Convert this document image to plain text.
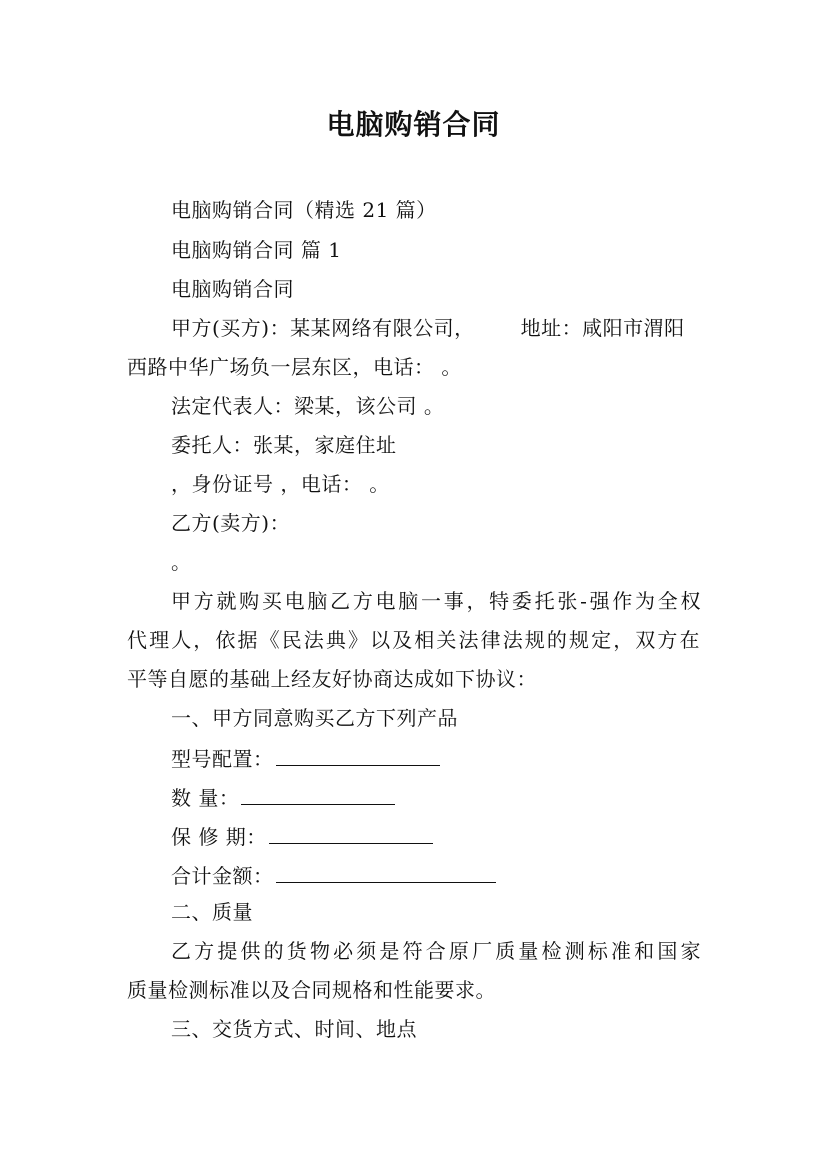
电脑购销合同
电脑购销合同（精选 21 篇）
电脑购销合同 篇 1
电脑购销合同
甲方(买方)：某某网络有限公司， 地址：咸阳市渭阳
西路中华广场负一层东区，电话： 。
法定代表人：梁某，该公司 。
委托人：张某，家庭住址
，身份证号 ，电话： 。
乙方(卖方)：
。
甲方就购买电脑乙方电脑一事，特委托张-强作为全权
代理人，依据《民法典》以及相关法律法规的规定，双方在
平等自愿的基础上经友好协商达成如下协议：
一、甲方同意购买乙方下列产品
型号配置：
数 量：
保 修 期：
合计金额：
二、质量
乙方提供的货物必须是符合原厂质量检测标准和国家
质量检测标准以及合同规格和性能要求。
三、交货方式、时间、地点
